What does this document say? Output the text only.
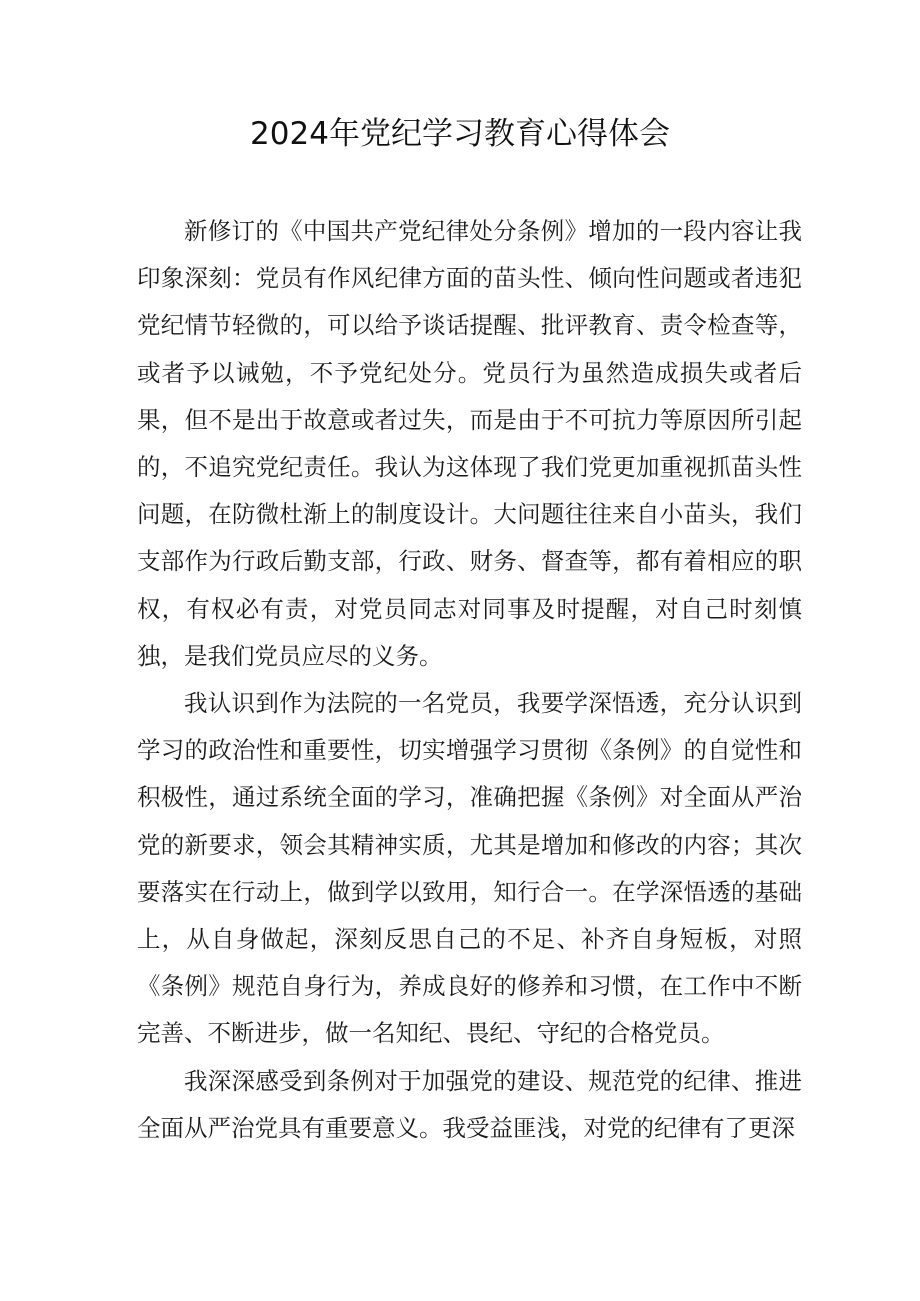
2024年党纪学习教育心得体会

新修订的《中国共产党纪律处分条例》增加的一段内容让我印象深刻：党员有作风纪律方面的苗头性、倾向性问题或者违犯党纪情节轻微的，可以给予谈话提醒、批评教育、责令检查等，或者予以诫勉，不予党纪处分。党员行为虽然造成损失或者后果，但不是出于故意或者过失，而是由于不可抗力等原因所引起的，不追究党纪责任。我认为这体现了我们党更加重视抓苗头性问题，在防微杜渐上的制度设计。大问题往往来自小苗头，我们支部作为行政后勤支部，行政、财务、督查等，都有着相应的职权，有权必有责，对党员同志对同事及时提醒，对自己时刻慎独，是我们党员应尽的义务。

我认识到作为法院的一名党员，我要学深悟透，充分认识到学习的政治性和重要性，切实增强学习贯彻《条例》的自觉性和积极性，通过系统全面的学习，准确把握《条例》对全面从严治党的新要求，领会其精神实质，尤其是增加和修改的内容；其次要落实在行动上，做到学以致用，知行合一。在学深悟透的基础上，从自身做起，深刻反思自己的不足、补齐自身短板，对照《条例》规范自身行为，养成良好的修养和习惯，在工作中不断完善、不断进步，做一名知纪、畏纪、守纪的合格党员。

我深深感受到条例对于加强党的建设、规范党的纪律、推进全面从严治党具有重要意义。我受益匪浅，对党的纪律有了更深
